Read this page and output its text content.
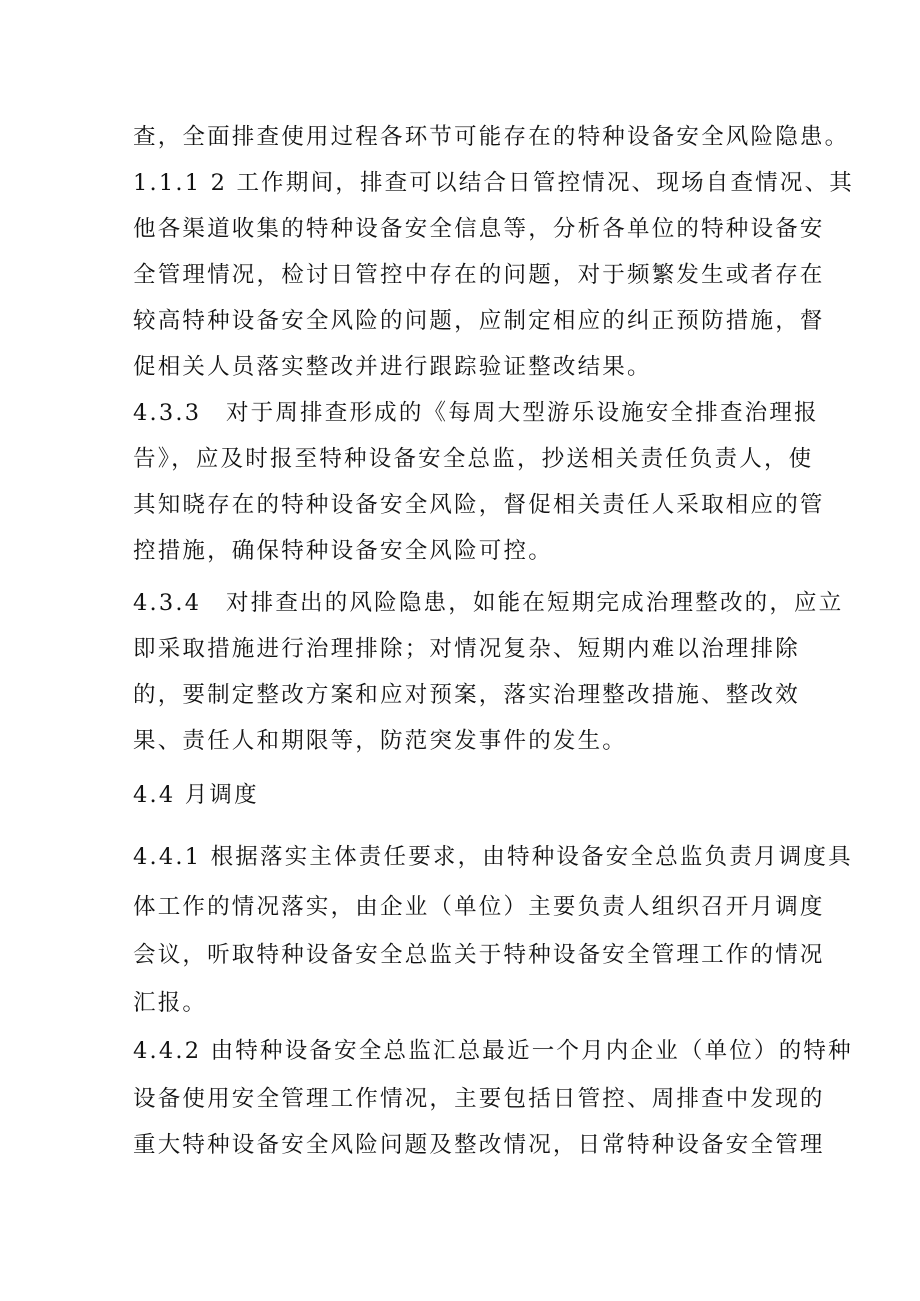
查，全面排查使用过程各环节可能存在的特种设备安全风险隐患。
1.1.1 2 工作期间，排查可以结合日管控情况、现场自查情况、其
他各渠道收集的特种设备安全信息等，分析各单位的特种设备安
全管理情况，检讨日管控中存在的问题，对于频繁发生或者存在
较高特种设备安全风险的问题，应制定相应的纠正预防措施，督
促相关人员落实整改并进行跟踪验证整改结果。
4.3.3　对于周排查形成的《每周大型游乐设施安全排查治理报
告》，应及时报至特种设备安全总监，抄送相关责任负责人，使
其知晓存在的特种设备安全风险，督促相关责任人采取相应的管
控措施，确保特种设备安全风险可控。
4.3.4　对排查出的风险隐患，如能在短期完成治理整改的，应立
即采取措施进行治理排除；对情况复杂、短期内难以治理排除
的，要制定整改方案和应对预案，落实治理整改措施、整改效
果、责任人和期限等，防范突发事件的发生。
4.4 月调度
4.4.1 根据落实主体责任要求，由特种设备安全总监负责月调度具
体工作的情况落实，由企业（单位）主要负责人组织召开月调度
会议，听取特种设备安全总监关于特种设备安全管理工作的情况
汇报。
4.4.2 由特种设备安全总监汇总最近一个月内企业（单位）的特种
设备使用安全管理工作情况，主要包括日管控、周排查中发现的
重大特种设备安全风险问题及整改情况，日常特种设备安全管理
